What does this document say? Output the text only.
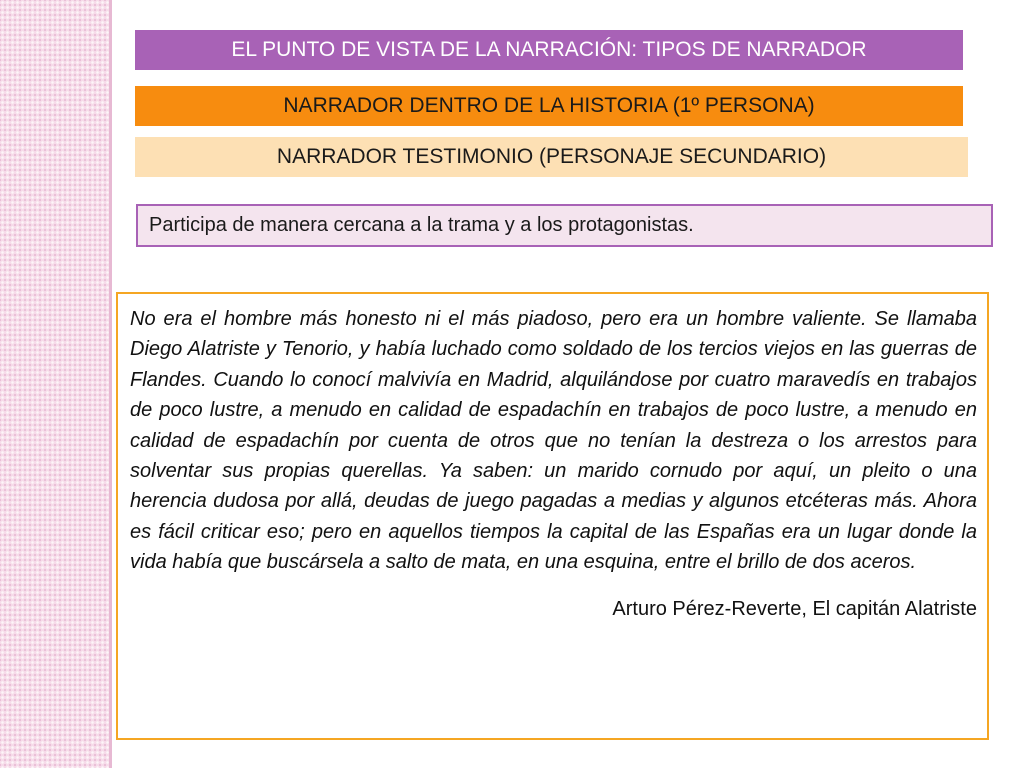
EL PUNTO DE VISTA DE LA NARRACIÓN: TIPOS DE NARRADOR
NARRADOR DENTRO DE LA HISTORIA (1º PERSONA)
NARRADOR TESTIMONIO (PERSONAJE SECUNDARIO)
Participa de manera cercana a la trama y a los protagonistas.

No era el hombre más honesto ni el más piadoso, pero era un hombre valiente. Se llamaba Diego Alatriste y Tenorio, y había luchado como soldado de los tercios viejos en las guerras de Flandes. Cuando lo conocí malvivía en Madrid, alquilándose por cuatro maravedís en trabajos de poco lustre, a menudo en calidad de espadachín en trabajos de poco lustre, a menudo en calidad de espadachín por cuenta de otros que no tenían la destreza o los arrestos para solventar sus propias querellas. Ya saben: un marido cornudo por aquí, un pleito o una herencia dudosa por allá, deudas de juego pagadas a medias y algunos etcéteras más. Ahora es fácil criticar eso; pero en aquellos tiempos la capital de las Españas era un lugar donde la vida había que buscársela a salto de mata, en una esquina, entre el brillo de dos aceros.

Arturo Pérez-Reverte, El capitán Alatriste
